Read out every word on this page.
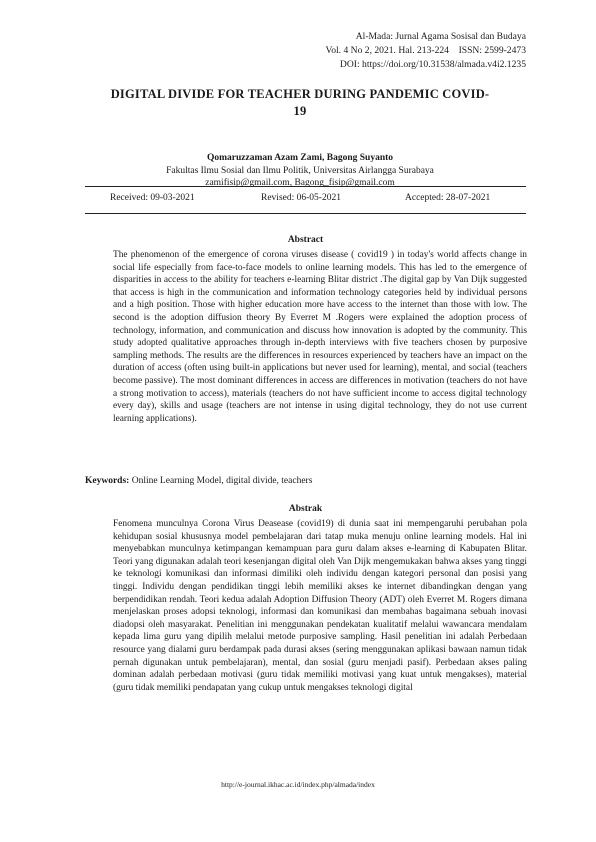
Al-Mada: Jurnal Agama Sosisal dan Budaya
Vol. 4 No 2, 2021. Hal. 213-224    ISSN: 2599-2473
DOI: https://doi.org/10.31538/almada.v4i2.1235
DIGITAL DIVIDE FOR TEACHER DURING PANDEMIC COVID-19
Qomaruzzaman Azam Zami, Bagong Suyanto
Fakultas Ilmu Sosial dan Ilmu Politik, Universitas Airlangga Surabaya
zamifisip@gmail.com, Bagong_fisip@gmail.com
Received: 09-03-2021	Revised: 06-05-2021	Accepted: 28-07-2021
Abstract

The phenomenon of the emergence of corona viruses disease ( covid19 ) in today's world affects change in social life especially from face-to-face models to online learning models. This has led to the emergence of disparities in access to the ability for teachers e-learning Blitar district .The digital gap by Van Dijk suggested that access is high in the communication and information technology categories held by individual persons and a high position. Those with higher education more have access to the internet than those with low. The second is the adoption diffusion theory By Everret M .Rogers were explained the adoption process of technology, information, and communication and discuss how innovation is adopted by the community. This study adopted qualitative approaches through in-depth interviews with five teachers chosen by purposive sampling methods. The results are the differences in resources experienced by teachers have an impact on the duration of access (often using built-in applications but never used for learning), mental, and social (teachers become passive). The most dominant differences in access are differences in motivation (teachers do not have a strong motivation to access), materials (teachers do not have sufficient income to access digital technology every day), skills and usage (teachers are not intense in using digital technology, they do not use current learning applications).

Keywords: Online Learning Model, digital divide, teachers
Abstrak

Fenomena munculnya Corona Virus Deasease (covid19) di dunia saat ini mempengaruhi perubahan pola kehidupan sosial khususnya model pembelajaran dari tatap muka menuju online learning models. Hal ini menyebabkan munculnya ketimpangan kemampuan para guru dalam akses e-learning di Kabupaten Blitar. Teori yang digunakan adalah teori kesenjangan digital oleh Van Dijk mengemukakan bahwa akses yang tinggi ke teknologi komunikasi dan informasi dimiliki oleh individu dengan kategori personal dan posisi yang tinggi. Individu dengan pendidikan tinggi lebih memiliki akses ke internet dibandingkan dengan yang berpendidikan rendah. Teori kedua adalah Adoption Diffusion Theory (ADT) oleh Everret M. Rogers dimana menjelaskan proses adopsi teknologi, informasi dan komunikasi dan membahas bagaimana sebuah inovasi diadopsi oleh masyarakat. Penelitian ini menggunakan pendekatan kualitatif melalui wawancara mendalam kepada lima guru yang dipilih melalui metode purposive sampling. Hasil penelitian ini adalah Perbedaan resource yang dialami guru berdampak pada durasi akses (sering menggunakan aplikasi bawaan namun tidak pernah digunakan untuk pembelajaran), mental, dan sosial (guru menjadi pasif). Perbedaan akses paling dominan adalah perbedaan motivasi (guru tidak memiliki motivasi yang kuat untuk mengakses), material (guru tidak memiliki pendapatan yang cukup untuk mengakses teknologi digital

http://e-journal.ikhac.ac.id/index.php/almada/index
